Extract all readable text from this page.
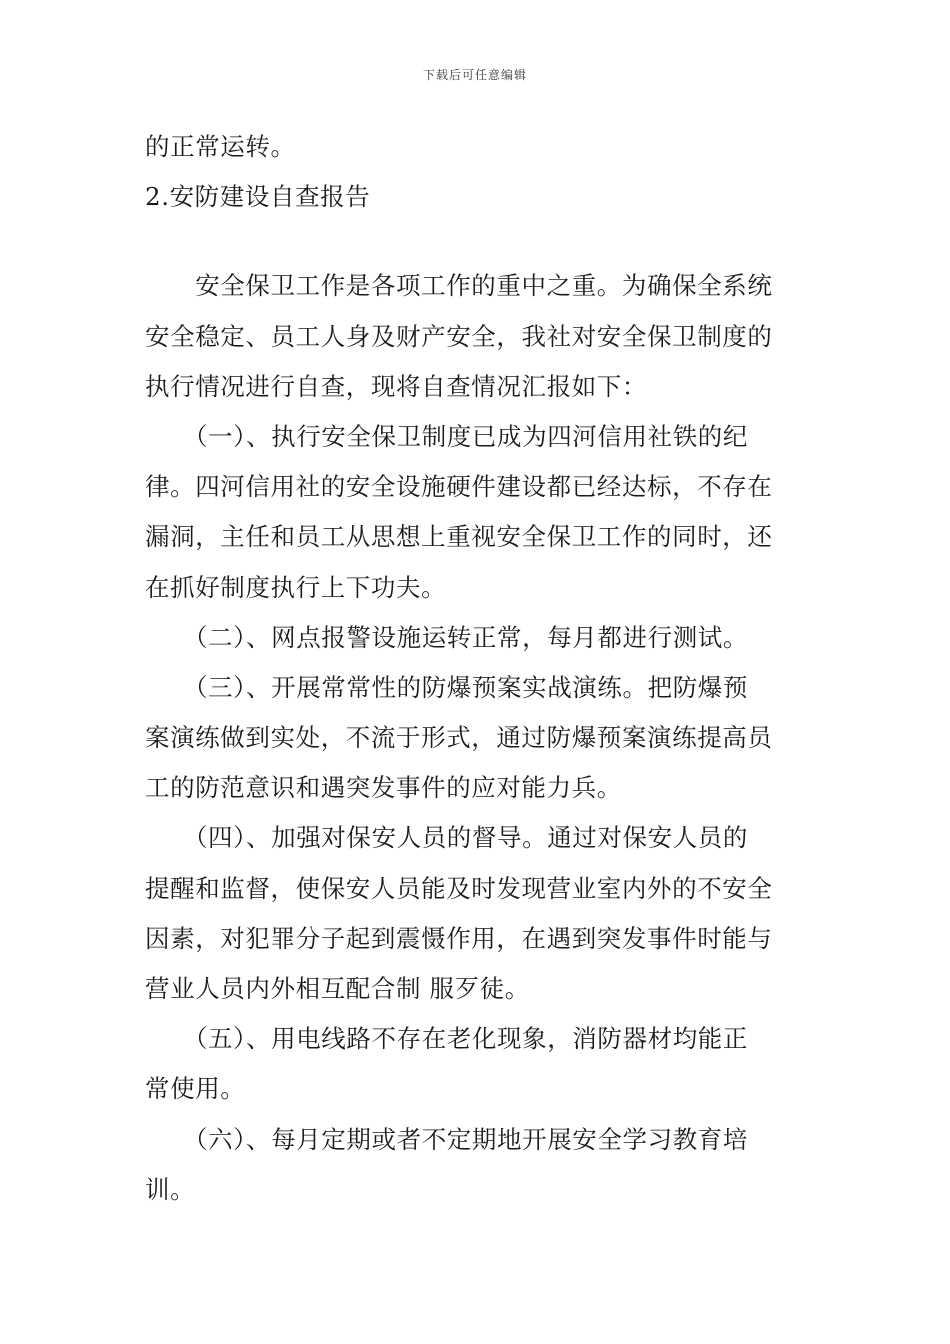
下载后可任意编辑
的正常运转。
2.安防建设自查报告
　　安全保卫工作是各项工作的重中之重。为确保全系统
安全稳定、员工人身及财产安全，我社对安全保卫制度的
执行情况进行自查，现将自查情况汇报如下：
　　（一）、执行安全保卫制度已成为四河信用社铁的纪
律。四河信用社的安全设施硬件建设都已经达标，不存在
漏洞，主任和员工从思想上重视安全保卫工作的同时，还
在抓好制度执行上下功夫。
　　（二）、网点报警设施运转正常，每月都进行测试。
　　（三）、开展常常性的防爆预案实战演练。把防爆预
案演练做到实处，不流于形式，通过防爆预案演练提高员
工的防范意识和遇突发事件的应对能力兵。
　　（四）、加强对保安人员的督导。通过对保安人员的
提醒和监督，使保安人员能及时发现营业室内外的不安全
因素，对犯罪分子起到震慑作用，在遇到突发事件时能与
营业人员内外相互配合制 服歹徒。
　　（五）、用电线路不存在老化现象，消防器材均能正
常使用。
　　（六）、每月定期或者不定期地开展安全学习教育培
训。
